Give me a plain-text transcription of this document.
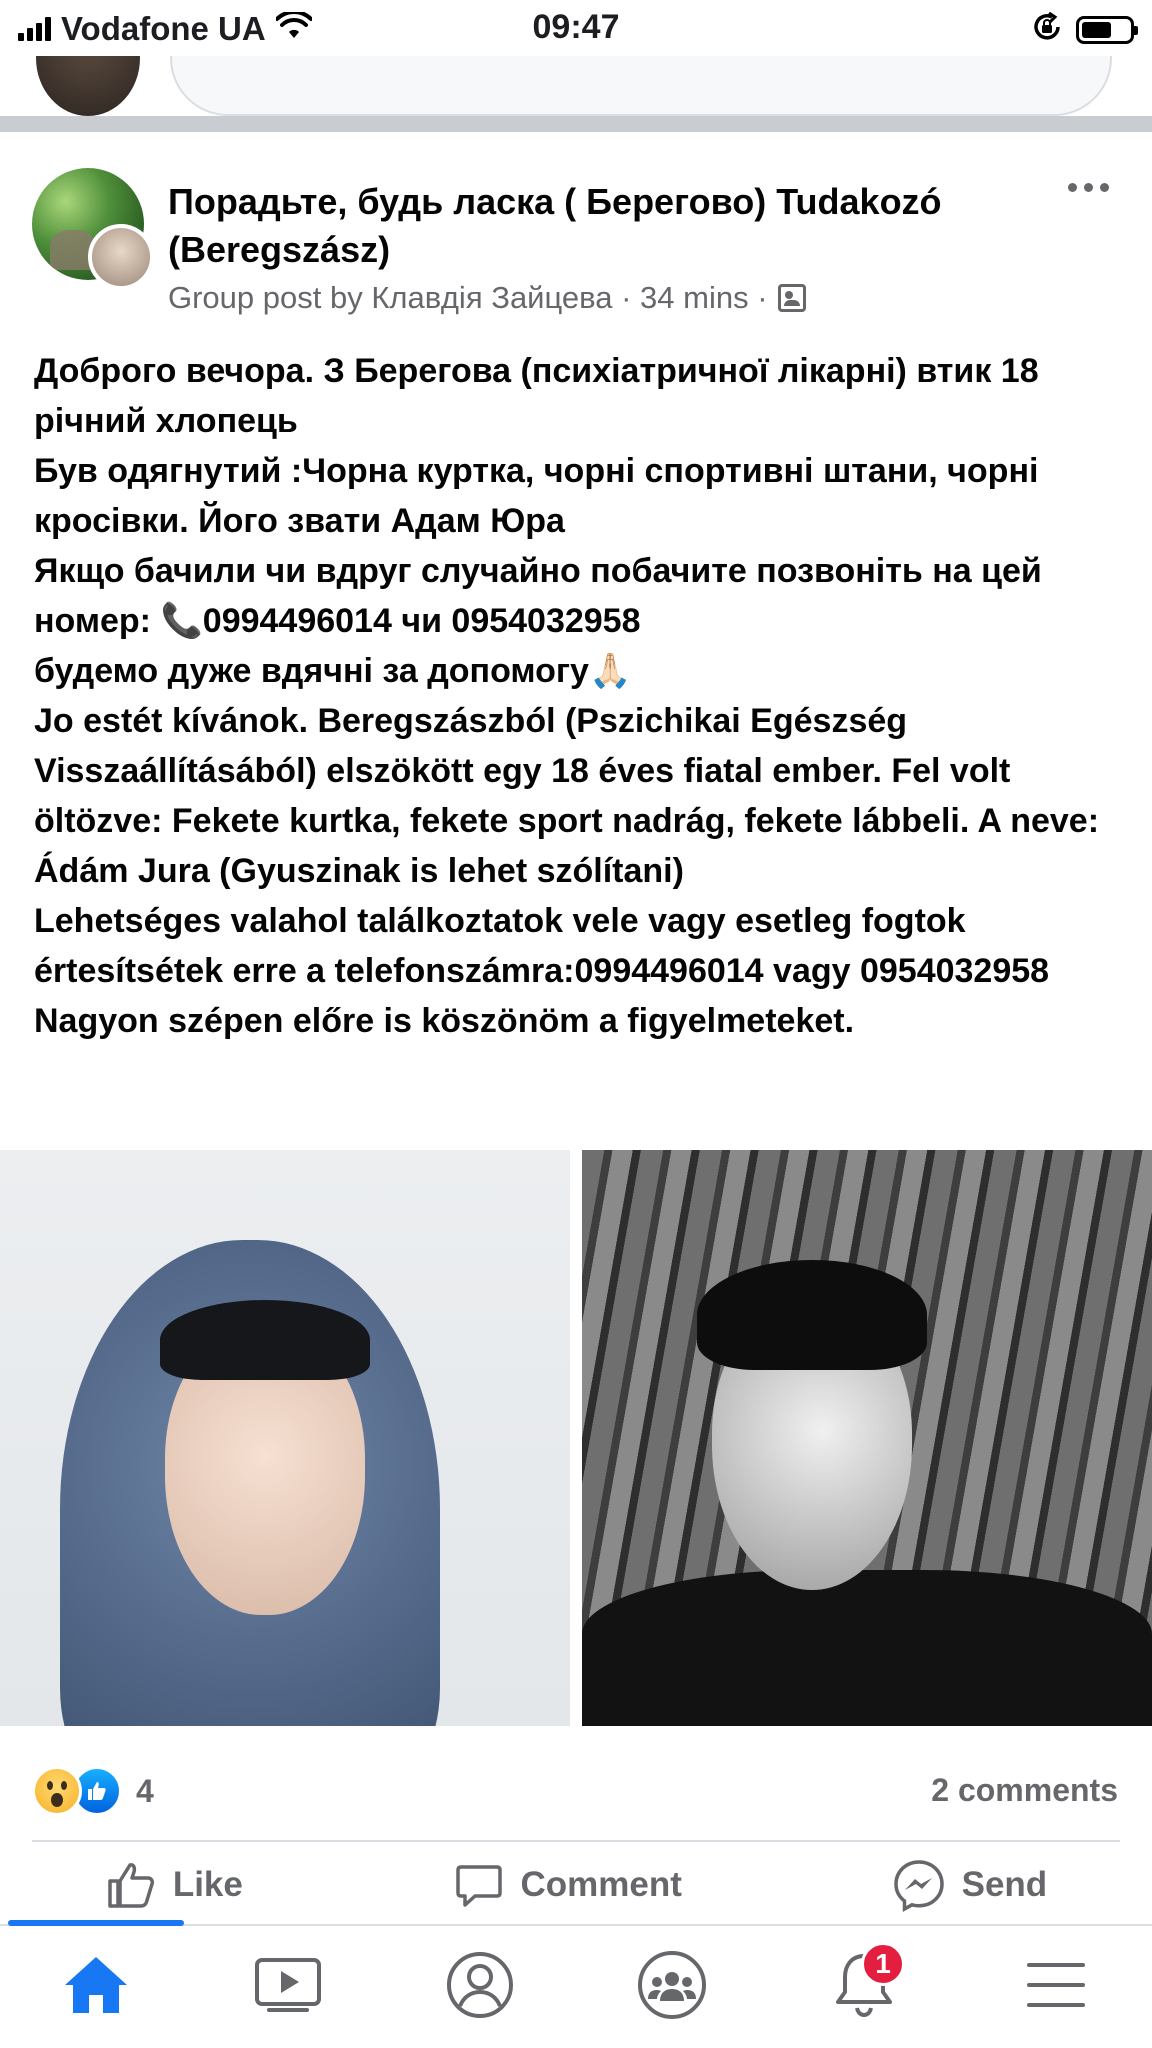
Vodafone UA	09:47
Порадьте, будь ласка ( Берегово) Tudakozó (Beregszász)
Group post by Клавдія Зайцева · 34 mins ·

Доброго вечора. З Берегова (психіатричної лікарні) втик 18 річний хлопець

Був одягнутий :Чорна куртка, чорні спортивні штани, чорні кросівки. Його звати Адам Юра

Якщо бачили чи вдруг случайно побачите позвоніть на цей номер: 📞0994496014 чи 0954032958

будемо дуже вдячні за допомогу🙏🏻

Jo estét kívánok. Beregszászból (Pszichikai Egészség Visszaállításából) elszökött egy 18 éves fiatal ember. Fel volt öltözve: Fekete kurtka, fekete sport nadrág, fekete lábbeli. A neve: Ádám Jura (Gyuszinak is lehet szólítani)

Lehetséges valahol találkoztatok vele vagy esetleg fogtok értesítsétek erre a telefonszámra:0994496014 vagy 0954032958

Nagyon szépen előre is köszönöm a figyelmeteket.

4	2 comments
Like	Comment	Send
1
